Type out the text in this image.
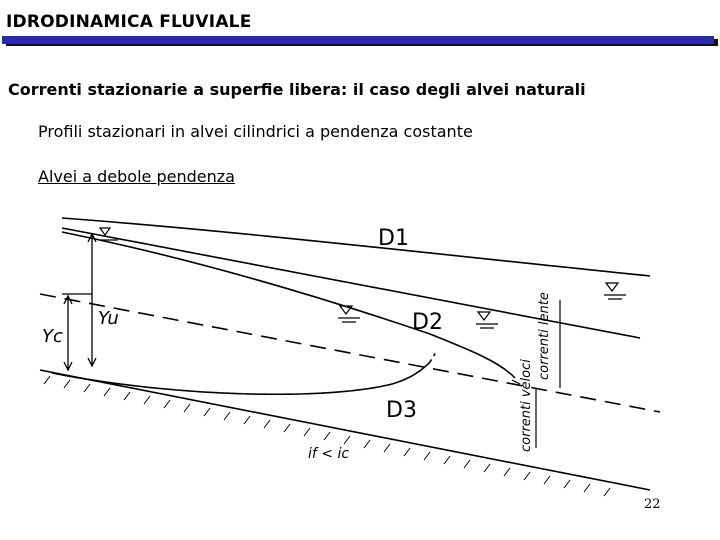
IDRODINAMICA FLUVIALE
Correnti stazionarie a superfie libera: il caso degli alvei naturali
Profili stazionari in alvei cilindrici a pendenza costante
Alvei a debole pendenza
Yc
Yu
if < ic
correnti lente
correnti veloci
D1
D2
D3
22
